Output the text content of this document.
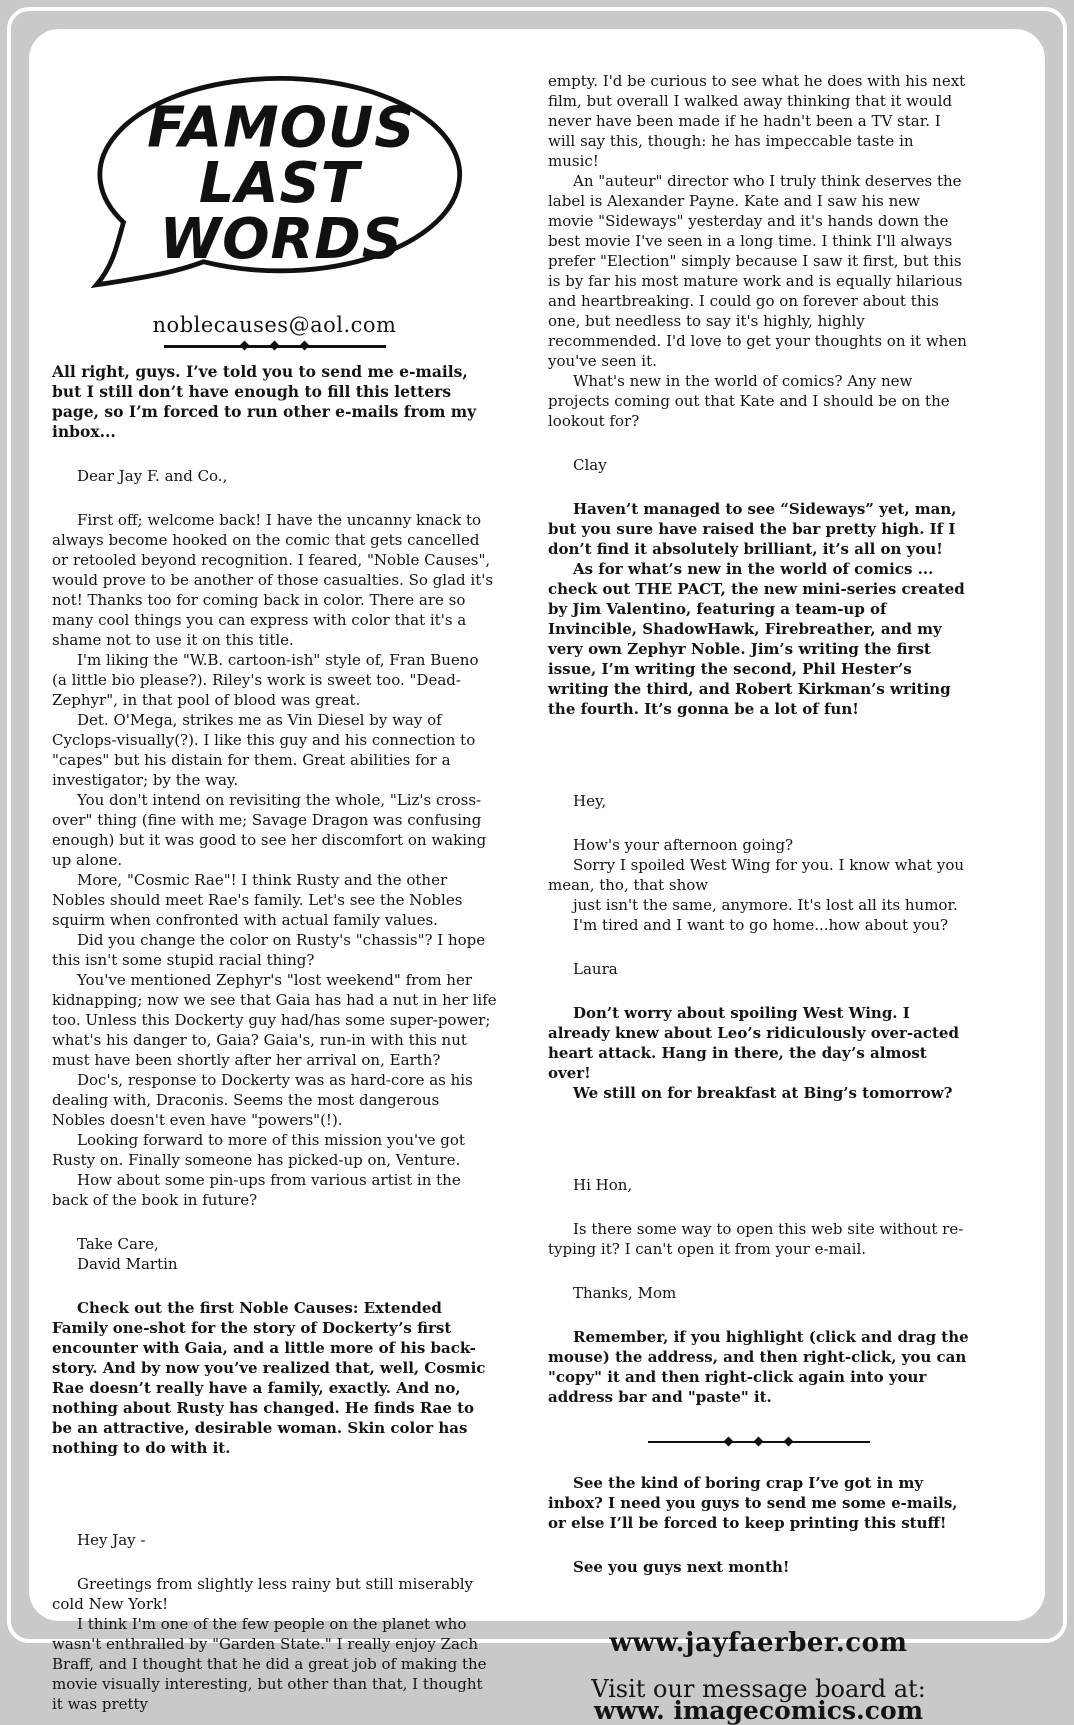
FAMOUS
LAST
WORDS
noblecauses@aol.com

All right, guys. I’ve told you to send me e-mails, but I still don’t have enough to fill this letters page, so I’m forced to run other e-mails from my inbox...

Dear Jay F. and Co.,

First off; welcome back! I have the uncanny knack to always become hooked on the comic that gets cancelled or retooled beyond recognition. I feared, "Noble Causes", would prove to be another of those casualties. So glad it's not! Thanks too for coming back in color. There are so many cool things you can express with color that it's a shame not to use it on this title.

I'm liking the "W.B. cartoon-ish" style of, Fran Bueno (a little bio please?). Riley's work is sweet too. "Dead-Zephyr", in that pool of blood was great.

Det. O'Mega, strikes me as Vin Diesel by way of Cyclops-visually(?). I like this guy and his connection to "capes" but his distain for them. Great abilities for a investigator; by the way.

You don't intend on revisiting the whole, "Liz's cross-over" thing (fine with me; Savage Dragon was confusing enough) but it was good to see her discomfort on waking up alone.

More, "Cosmic Rae"! I think Rusty and the other Nobles should meet Rae's family. Let's see the Nobles squirm when confronted with actual family values.

Did you change the color on Rusty's "chassis"? I hope this isn't some stupid racial thing?

You've mentioned Zephyr's "lost weekend" from her kidnapping; now we see that Gaia has had a nut in her life too. Unless this Dockerty guy had/has some super-power; what's his danger to, Gaia? Gaia's, run-in with this nut must have been shortly after her arrival on, Earth?

Doc's, response to Dockerty was as hard-core as his dealing with, Draconis. Seems the most dangerous Nobles doesn't even have "powers"(!).

Looking forward to more of this mission you've got Rusty on. Finally someone has picked-up on, Venture.

How about some pin-ups from various artist in the back of the book in future?

Take Care,

David Martin

Check out the first Noble Causes: Extended Family one-shot for the story of Dockerty’s first encounter with Gaia, and a little more of his back-story. And by now you’ve realized that, well, Cosmic Rae doesn’t really have a family, exactly. And no, nothing about Rusty has changed. He finds Rae to be an attractive, desirable woman. Skin color has nothing to do with it.

Hey Jay -

Greetings from slightly less rainy but still miserably cold New York!

I think I'm one of the few people on the planet who wasn't enthralled by "Garden State." I really enjoy Zach Braff, and I thought that he did a great job of making the movie visually interesting, but other than that, I thought it was pretty

empty. I'd be curious to see what he does with his next film, but overall I walked away thinking that it would never have been made if he hadn't been a TV star. I will say this, though: he has impeccable taste in music!

An "auteur" director who I truly think deserves the label is Alexander Payne. Kate and I saw his new movie "Sideways" yesterday and it's hands down the best movie I've seen in a long time. I think I'll always prefer "Election" simply because I saw it first, but this is by far his most mature work and is equally hilarious and heartbreaking. I could go on forever about this one, but needless to say it's highly, highly recommended. I'd love to get your thoughts on it when you've seen it.

What's new in the world of comics? Any new projects coming out that Kate and I should be on the lookout for?

Clay

Haven’t managed to see “Sideways” yet, man, but you sure have raised the bar pretty high. If I don’t find it absolutely brilliant, it’s all on you!

As for what’s new in the world of comics ... check out THE PACT, the new mini-series created by Jim Valentino, featuring a team-up of Invincible, ShadowHawk, Firebreather, and my very own Zephyr Noble. Jim’s writing the first issue, I’m writing the second, Phil Hester’s writing the third, and Robert Kirkman’s writing the fourth. It’s gonna be a lot of fun!

Hey,

How's your afternoon going?

Sorry I spoiled West Wing for you. I know what you mean, tho, that show

just isn't the same, anymore. It's lost all its humor.

I'm tired and I want to go home...how about you?

Laura

Don’t worry about spoiling West Wing. I already knew about Leo’s ridiculously over-acted heart attack. Hang in there, the day’s almost over!

We still on for breakfast at Bing’s tomorrow?

Hi Hon,

Is there some way to open this web site without re-typing it? I can't open it from your e-mail.

Thanks, Mom

Remember, if you highlight (click and drag the mouse) the address, and then right-click, you can "copy" it and then right-click again into your address bar and "paste" it.

See the kind of boring crap I’ve got in my inbox? I need you guys to send me some e-mails, or else I’ll be forced to keep printing this stuff!

See you guys next month!

www.jayfaerber.com

Visit our message board at:

www. imagecomics.com
